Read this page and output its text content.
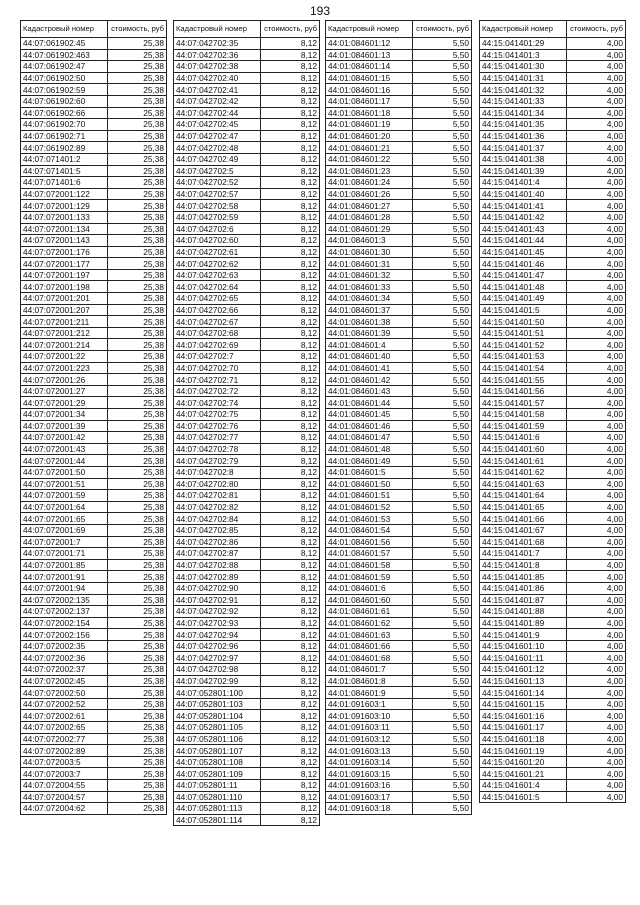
193
Кадастровый номер	стоимость, руб
44:07:061902:45	25,38
44:07:061902:463	25,38
44:07:061902:47	25,38
44:07:061902:50	25,38
44:07:061902:59	25,38
44:07:061902:60	25,38
44:07:061902:66	25,38
44:07:061902:70	25,38
44:07:061902:71	25,38
44:07:061902:89	25,38
44:07:071401:2	25,38
44:07:071401:5	25,38
44:07:071401:6	25,38
44:07:072001:122	25,38
44:07:072001:129	25,38
44:07:072001:133	25,38
44:07:072001:134	25,38
44:07:072001:143	25,38
44:07:072001:176	25,38
44:07:072001:177	25,38
44:07:072001:197	25,38
44:07:072001:198	25,38
44:07:072001:201	25,38
44:07:072001:207	25,38
44:07:072001:211	25,38
44:07:072001:212	25,38
44:07:072001:214	25,38
44:07:072001:22	25,38
44:07:072001:223	25,38
44:07:072001:26	25,38
44:07:072001:27	25,38
44:07:072001:29	25,38
44:07:072001:34	25,38
44:07:072001:39	25,38
44:07:072001:42	25,38
44:07:072001:43	25,38
44:07:072001:44	25,38
44:07:072001:50	25,38
44:07:072001:51	25,38
44:07:072001:59	25,38
44:07:072001:64	25,38
44:07:072001:65	25,38
44:07:072001:69	25,38
44:07:072001:7	25,38
44:07:072001:71	25,38
44:07:072001:85	25,38
44:07:072001:91	25,38
44:07:072001:94	25,38
44:07:072002:135	25,38
44:07:072002:137	25,38
44:07:072002:154	25,38
44:07:072002:156	25,38
44:07:072002:35	25,38
44:07:072002:36	25,38
44:07:072002:37	25,38
44:07:072002:45	25,38
44:07:072002:50	25,38
44:07:072002:52	25,38
44:07:072002:61	25,38
44:07:072002:65	25,38
44:07:072002:77	25,38
44:07:072002:89	25,38
44:07:072003:5	25,38
44:07:072003:7	25,38
44:07:072004:55	25,38
44:07:072004:57	25,38
44:07:072004:62	25,38
Кадастровый номер	стоимость, руб
44:07:042702:35	8,12
44:07:042702:36	8,12
44:07:042702:38	8,12
44:07:042702:40	8,12
44:07:042702:41	8,12
44:07:042702:42	8,12
44:07:042702:44	8,12
44:07:042702:45	8,12
44:07:042702:47	8,12
44:07:042702:48	8,12
44:07:042702:49	8,12
44:07:042702:5	8,12
44:07:042702:52	8,12
44:07:042702:57	8,12
44:07:042702:58	8,12
44:07:042702:59	8,12
44:07:042702:6	8,12
44:07:042702:60	8,12
44:07:042702:61	8,12
44:07:042702:62	8,12
44:07:042702:63	8,12
44:07:042702:64	8,12
44:07:042702:65	8,12
44:07:042702:66	8,12
44:07:042702:67	8,12
44:07:042702:68	8,12
44:07:042702:69	8,12
44:07:042702:7	8,12
44:07:042702:70	8,12
44:07:042702:71	8,12
44:07:042702:72	8,12
44:07:042702:74	8,12
44:07:042702:75	8,12
44:07:042702:76	8,12
44:07:042702:77	8,12
44:07:042702:78	8,12
44:07:042702:79	8,12
44:07:042702:8	8,12
44:07:042702:80	8,12
44:07:042702:81	8,12
44:07:042702:82	8,12
44:07:042702:84	8,12
44:07:042702:85	8,12
44:07:042702:86	8,12
44:07:042702:87	8,12
44:07:042702:88	8,12
44:07:042702:89	8,12
44:07:042702:90	8,12
44:07:042702:91	8,12
44:07:042702:92	8,12
44:07:042702:93	8,12
44:07:042702:94	8,12
44:07:042702:96	8,12
44:07:042702:97	8,12
44:07:042702:98	8,12
44:07:042702:99	8,12
44:07:052801:100	8,12
44:07:052801:103	8,12
44:07:052801:104	8,12
44:07:052801:105	8,12
44:07:052801:106	8,12
44:07:052801:107	8,12
44:07:052801:108	8,12
44:07:052801:109	8,12
44:07:052801:11	8,12
44:07:052801:110	8,12
44:07:052801:113	8,12
44:07:052801:114	8,12
Кадастровый номер	стоимость, руб
44:01:084601:12	5,50
44:01:084601:13	5,50
44:01:084601:14	5,50
44:01:084601:15	5,50
44:01:084601:16	5,50
44:01:084601:17	5,50
44:01:084601:18	5,50
44:01:084601:19	5,50
44:01:084601:20	5,50
44:01:084601:21	5,50
44:01:084601:22	5,50
44:01:084601:23	5,50
44:01:084601:24	5,50
44:01:084601:26	5,50
44:01:084601:27	5,50
44:01:084601:28	5,50
44:01:084601:29	5,50
44:01:084601:3	5,50
44:01:084601:30	5,50
44:01:084601:31	5,50
44:01:084601:32	5,50
44:01:084601:33	5,50
44:01:084601:34	5,50
44:01:084601:37	5,50
44:01:084601:38	5,50
44:01:084601:39	5,50
44:01:084601:4	5,50
44:01:084601:40	5,50
44:01:084601:41	5,50
44:01:084601:42	5,50
44:01:084601:43	5,50
44:01:084601:44	5,50
44:01:084601:45	5,50
44:01:084601:46	5,50
44:01:084601:47	5,50
44:01:084601:48	5,50
44:01:084601:49	5,50
44:01:084601:5	5,50
44:01:084601:50	5,50
44:01:084601:51	5,50
44:01:084601:52	5,50
44:01:084601:53	5,50
44:01:084601:54	5,50
44:01:084601:56	5,50
44:01:084601:57	5,50
44:01:084601:58	5,50
44:01:084601:59	5,50
44:01:084601:6	5,50
44:01:084601:60	5,50
44:01:084601:61	5,50
44:01:084601:62	5,50
44:01:084601:63	5,50
44:01:084601:66	5,50
44:01:084601:68	5,50
44:01:084601:7	5,50
44:01:084601:8	5,50
44:01:084601:9	5,50
44:01:091603:1	5,50
44:01:091603:10	5,50
44:01:091603:11	5,50
44:01:091603:12	5,50
44:01:091603:13	5,50
44:01:091603:14	5,50
44:01:091603:15	5,50
44:01:091603:16	5,50
44:01:091603:17	5,50
44:01:091603:18	5,50
Кадастровый номер	стоимость, руб
44:15:041401:29	4,00
44:15:041401:3	4,00
44:15:041401:30	4,00
44:15:041401:31	4,00
44:15:041401:32	4,00
44:15:041401:33	4,00
44:15:041401:34	4,00
44:15:041401:35	4,00
44:15:041401:36	4,00
44:15:041401:37	4,00
44:15:041401:38	4,00
44:15:041401:39	4,00
44:15:041401:4	4,00
44:15:041401:40	4,00
44:15:041401:41	4,00
44:15:041401:42	4,00
44:15:041401:43	4,00
44:15:041401:44	4,00
44:15:041401:45	4,00
44:15:041401:46	4,00
44:15:041401:47	4,00
44:15:041401:48	4,00
44:15:041401:49	4,00
44:15:041401:5	4,00
44:15:041401:50	4,00
44:15:041401:51	4,00
44:15:041401:52	4,00
44:15:041401:53	4,00
44:15:041401:54	4,00
44:15:041401:55	4,00
44:15:041401:56	4,00
44:15:041401:57	4,00
44:15:041401:58	4,00
44:15:041401:59	4,00
44:15:041401:6	4,00
44:15:041401:60	4,00
44:15:041401:61	4,00
44:15:041401:62	4,00
44:15:041401:63	4,00
44:15:041401:64	4,00
44:15:041401:65	4,00
44:15:041401:66	4,00
44:15:041401:67	4,00
44:15:041401:68	4,00
44:15:041401:7	4,00
44:15:041401:8	4,00
44:15:041401:85	4,00
44:15:041401:86	4,00
44:15:041401:87	4,00
44:15:041401:88	4,00
44:15:041401:89	4,00
44:15:041401:9	4,00
44:15:041601:10	4,00
44:15:041601:11	4,00
44:15:041601:12	4,00
44:15:041601:13	4,00
44:15:041601:14	4,00
44:15:041601:15	4,00
44:15:041601:16	4,00
44:15:041601:17	4,00
44:15:041601:18	4,00
44:15:041601:19	4,00
44:15:041601:20	4,00
44:15:041601:21	4,00
44:15:041601:4	4,00
44:15:041601:5	4,00
